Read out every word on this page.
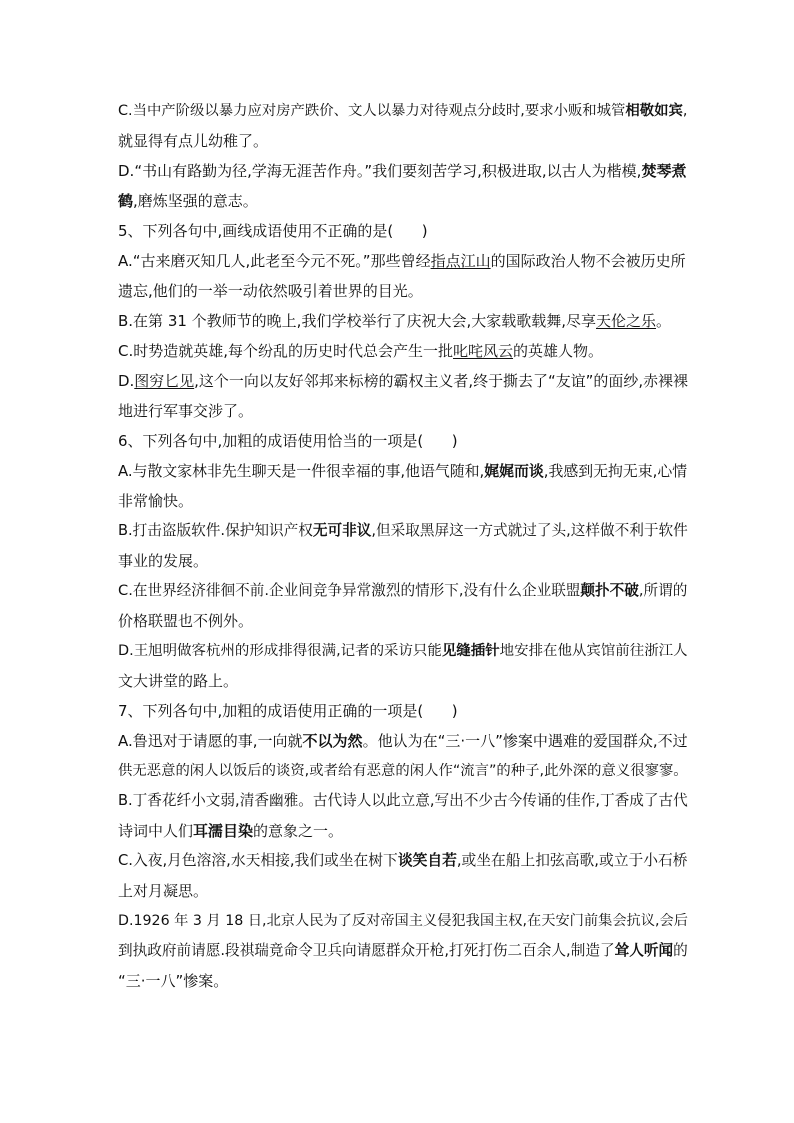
C.当中产阶级以暴力应对房产跌价、文人以暴力对待观点分歧时,要求小贩和城管相敬如宾,
就显得有点儿幼稚了。
D.“书山有路勤为径,学海无涯苦作舟。”我们要刻苦学习,积极进取,以古人为楷模,焚琴煮
鹤,磨炼坚强的意志。
5、下列各句中,画线成语使用不正确的是(      )
A.“古来磨灭知几人,此老至今元不死。”那些曾经指点江山的国际政治人物不会被历史所
遗忘,他们的一举一动依然吸引着世界的目光。
B.在第 31 个教师节的晚上,我们学校举行了庆祝大会,大家载歌载舞,尽享天伦之乐。
C.时势造就英雄,每个纷乱的历史时代总会产生一批叱咤风云的英雄人物。
D.图穷匕见,这个一向以友好邻邦来标榜的霸权主义者,终于撕去了“友谊”的面纱,赤裸裸
地进行军事交涉了。
6、下列各句中,加粗的成语使用恰当的一项是(      )
A.与散文家林非先生聊天是一件很幸福的事,他语气随和,娓娓而谈,我感到无拘无束,心情
非常愉快。
B.打击盗版软件.保护知识产权无可非议,但采取黑屏这一方式就过了头,这样做不利于软件
事业的发展。
C.在世界经济徘徊不前.企业间竞争异常激烈的情形下,没有什么企业联盟颠扑不破,所谓的
价格联盟也不例外。
D.王旭明做客杭州的形成排得很满,记者的采访只能见缝插针地安排在他从宾馆前往浙江人
文大讲堂的路上。
7、下列各句中,加粗的成语使用正确的一项是(      )
A.鲁迅对于请愿的事,一向就不以为然。他认为在“三·一八”惨案中遇难的爱国群众,不过
供无恶意的闲人以饭后的谈资,或者给有恶意的闲人作“流言”的种子,此外深的意义很寥寥。
B.丁香花纤小文弱,清香幽雅。古代诗人以此立意,写出不少古今传诵的佳作,丁香成了古代
诗词中人们耳濡目染的意象之一。
C.入夜,月色溶溶,水天相接,我们或坐在树下谈笑自若,或坐在船上扣弦高歌,或立于小石桥
上对月凝思。
D.1926 年 3 月 18 日,北京人民为了反对帝国主义侵犯我国主权,在天安门前集会抗议,会后
到执政府前请愿.段祺瑞竟命令卫兵向请愿群众开枪,打死打伤二百余人,制造了耸人听闻的
“三·一八”惨案。
